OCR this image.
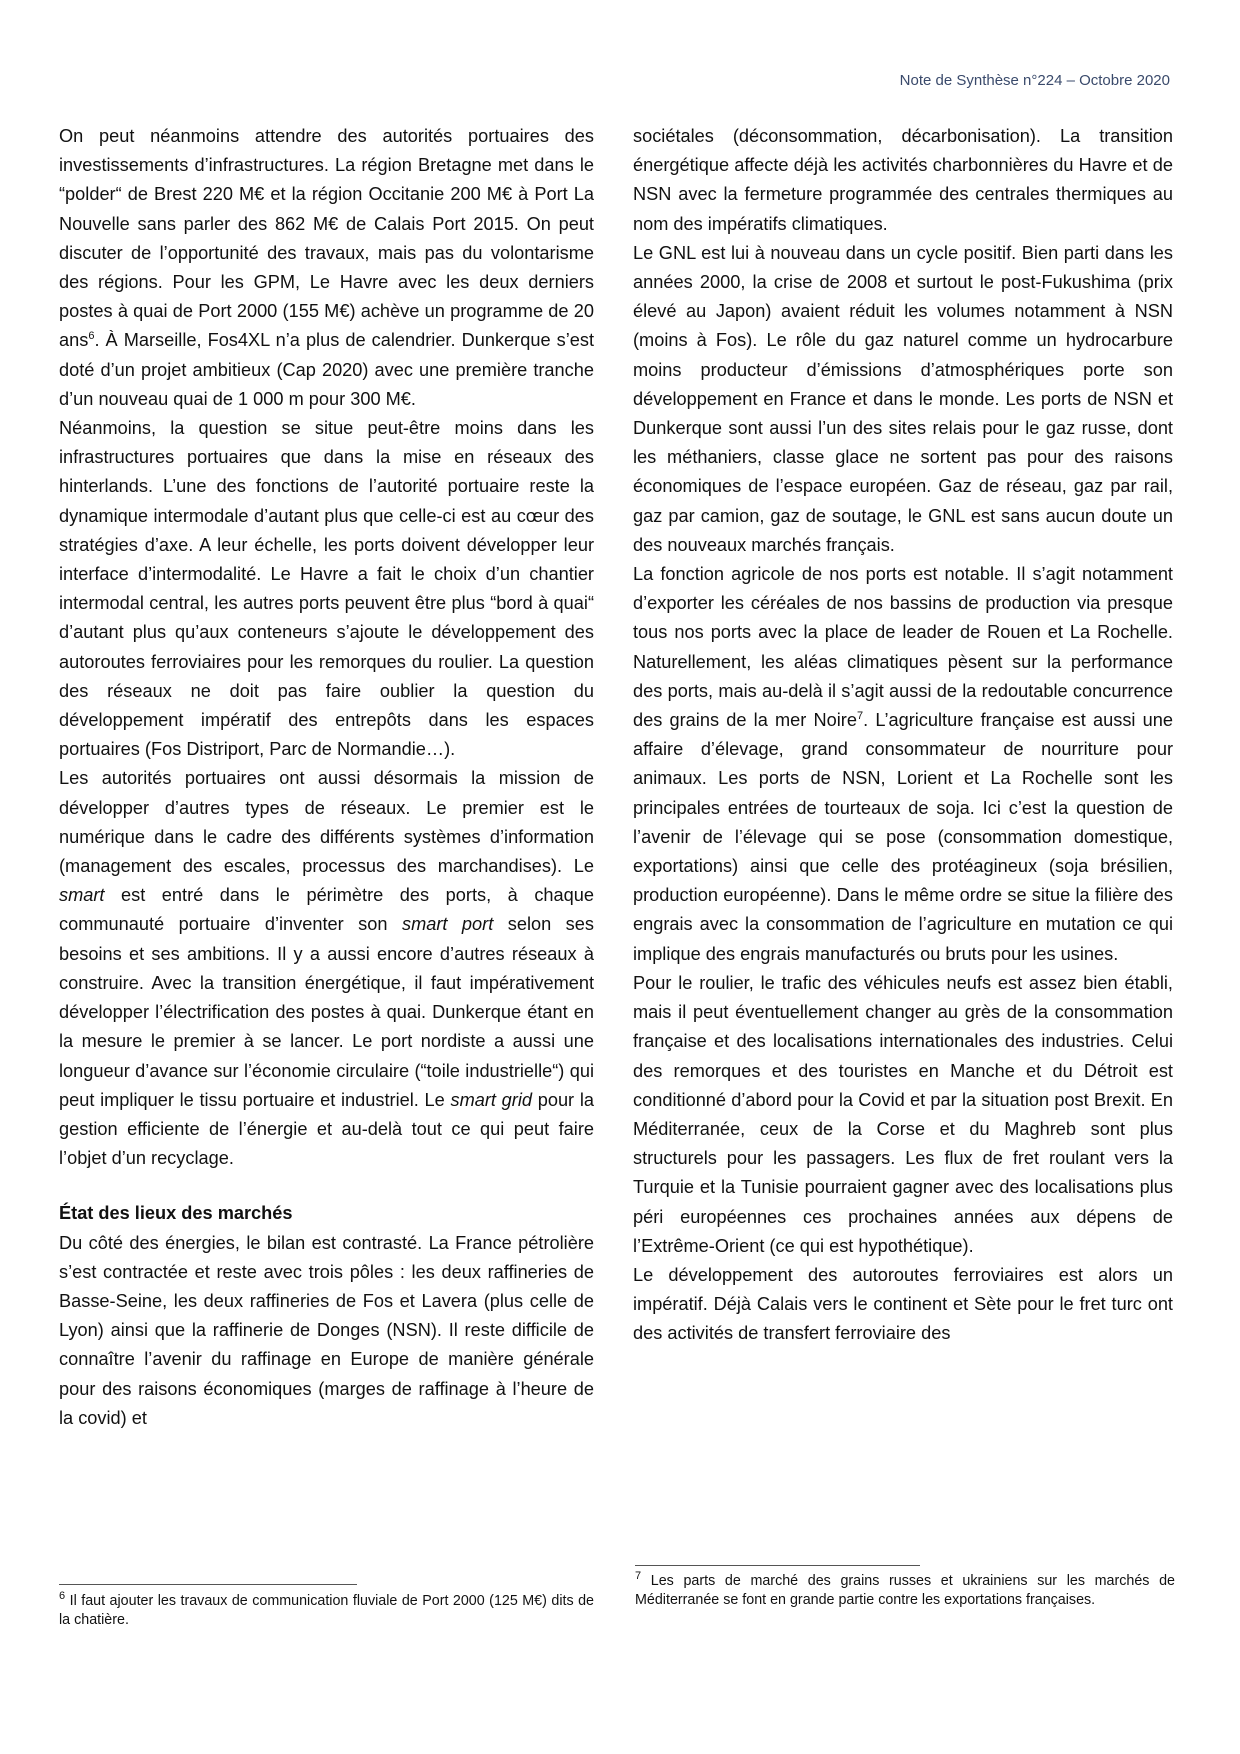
Note de Synthèse n°224 – Octobre 2020

On peut néanmoins attendre des autorités portuaires des investissements d’infrastructures. La région Bretagne met dans le “polder“ de Brest 220 M€ et la région Occitanie 200 M€ à Port La Nouvelle sans parler des 862 M€ de Calais Port 2015. On peut discuter de l’opportunité des travaux, mais pas du volontarisme des régions. Pour les GPM, Le Havre avec les deux derniers postes à quai de Port 2000 (155 M€) achève un programme de 20 ans$^6$. À Marseille, Fos4XL n’a plus de calendrier. Dunkerque s’est doté d’un projet ambitieux (Cap 2020) avec une première tranche d’un nouveau quai de 1 000 m pour 300 M€.

Néanmoins, la question se situe peut-être moins dans les infrastructures portuaires que dans la mise en réseaux des hinterlands. L’une des fonctions de l’autorité portuaire reste la dynamique intermodale d’autant plus que celle-ci est au cœur des stratégies d’axe. A leur échelle, les ports doivent développer leur interface d’intermodalité. Le Havre a fait le choix d’un chantier intermodal central, les autres ports peuvent être plus “bord à quai“ d’autant plus qu’aux conteneurs s’ajoute le développement des autoroutes ferroviaires pour les remorques du roulier. La question des réseaux ne doit pas faire oublier la question du développement impératif des entrepôts dans les espaces portuaires (Fos Distriport, Parc de Normandie…).

Les autorités portuaires ont aussi désormais la mission de développer d’autres types de réseaux. Le premier est le numérique dans le cadre des différents systèmes d’information (management des escales, processus des marchandises). Le smart est entré dans le périmètre des ports, à chaque communauté portuaire d’inventer son smart port selon ses besoins et ses ambitions. Il y a aussi encore d’autres réseaux à construire. Avec la transition énergétique, il faut impérativement développer l’électrification des postes à quai. Dunkerque étant en la mesure le premier à se lancer. Le port nordiste a aussi une longueur d’avance sur l’économie circulaire (“toile industrielle“) qui peut impliquer le tissu portuaire et industriel. Le smart grid pour la gestion efficiente de l’énergie et au-delà tout ce qui peut faire l’objet d’un recyclage.

État des lieux des marchés

Du côté des énergies, le bilan est contrasté. La France pétrolière s’est contractée et reste avec trois pôles : les deux raffineries de Basse-Seine, les deux raffineries de Fos et Lavera (plus celle de Lyon) ainsi que la raffinerie de Donges (NSN). Il reste difficile de connaître l’avenir du raffinage en Europe de manière générale pour des raisons économiques (marges de raffinage à l’heure de la covid) et

sociétales (déconsommation, décarbonisation). La transition énergétique affecte déjà les activités charbonnières du Havre et de NSN avec la fermeture programmée des centrales thermiques au nom des impératifs climatiques.

Le GNL est lui à nouveau dans un cycle positif. Bien parti dans les années 2000, la crise de 2008 et surtout le post-Fukushima (prix élevé au Japon) avaient réduit les volumes notamment à NSN (moins à Fos). Le rôle du gaz naturel comme un hydrocarbure moins producteur d’émissions d’atmosphériques porte son développement en France et dans le monde. Les ports de NSN et Dunkerque sont aussi l’un des sites relais pour le gaz russe, dont les méthaniers, classe glace ne sortent pas pour des raisons économiques de l’espace européen. Gaz de réseau, gaz par rail, gaz par camion, gaz de soutage, le GNL est sans aucun doute un des nouveaux marchés français.

La fonction agricole de nos ports est notable. Il s’agit notamment d’exporter les céréales de nos bassins de production via presque tous nos ports avec la place de leader de Rouen et La Rochelle. Naturellement, les aléas climatiques pèsent sur la performance des ports, mais au-delà il s’agit aussi de la redoutable concurrence des grains de la mer Noire$^7$. L’agriculture française est aussi une affaire d’élevage, grand consommateur de nourriture pour animaux. Les ports de NSN, Lorient et La Rochelle sont les principales entrées de tourteaux de soja. Ici c’est la question de l’avenir de l’élevage qui se pose (consommation domestique, exportations) ainsi que celle des protéagineux (soja brésilien, production européenne). Dans le même ordre se situe la filière des engrais avec la consommation de l’agriculture en mutation ce qui implique des engrais manufacturés ou bruts pour les usines.

Pour le roulier, le trafic des véhicules neufs est assez bien établi, mais il peut éventuellement changer au grès de la consommation française et des localisations internationales des industries. Celui des remorques et des touristes en Manche et du Détroit est conditionné d’abord pour la Covid et par la situation post Brexit. En Méditerranée, ceux de la Corse et du Maghreb sont plus structurels pour les passagers. Les flux de fret roulant vers la Turquie et la Tunisie pourraient gagner avec des localisations plus péri européennes ces prochaines années aux dépens de l’Extrême-Orient (ce qui est hypothétique).

Le développement des autoroutes ferroviaires est alors un impératif. Déjà Calais vers le continent et Sète pour le fret turc ont des activités de transfert ferroviaire des

$^6$ Il faut ajouter les travaux de communication fluviale de Port 2000 (125 M€) dits de la chatière.
$^7$ Les parts de marché des grains russes et ukrainiens sur les marchés de Méditerranée se font en grande partie contre les exportations françaises.
